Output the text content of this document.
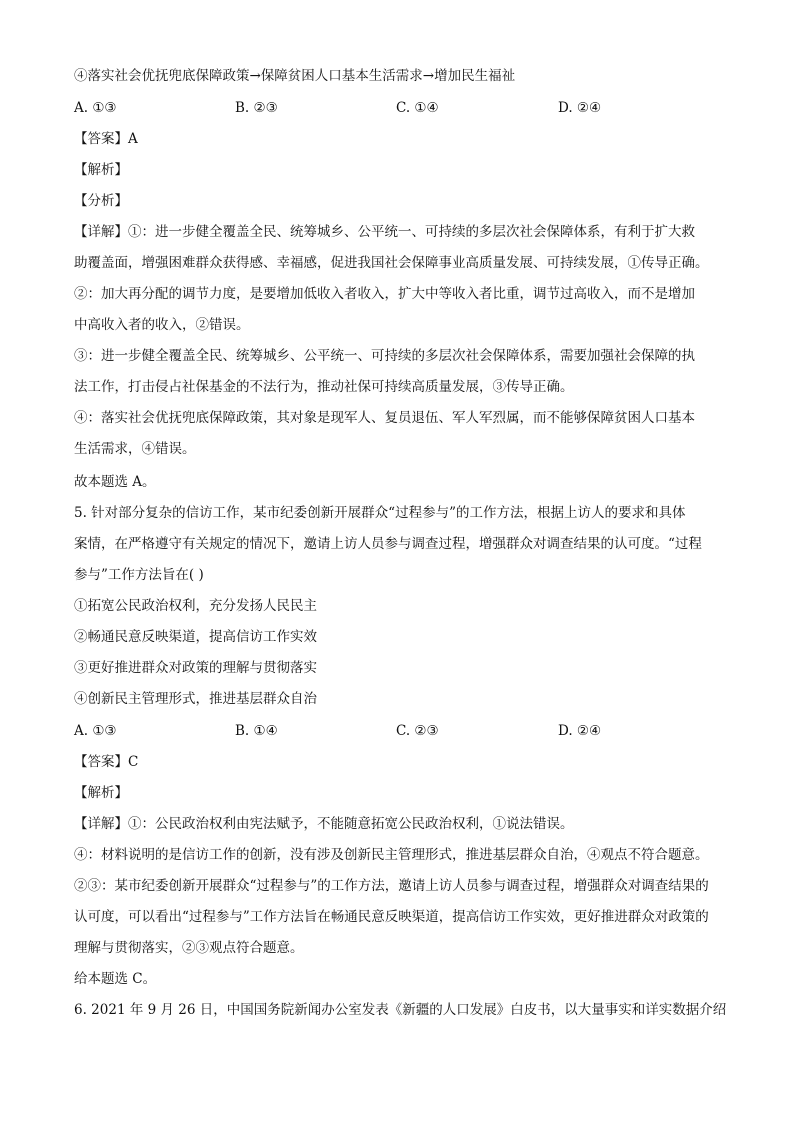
④落实社会优抚兜底保障政策→保障贫困人口基本生活需求→增加民生福祉
A. ①③	B. ②③	C. ①④	D. ②④
【答案】A
【解析】
【分析】
【详解】①：进一步健全覆盖全民、统筹城乡、公平统一、可持续的多层次社会保障体系，有利于扩大救
助覆盖面，增强困难群众获得感、幸福感，促进我国社会保障事业高质量发展、可持续发展，①传导正确。
②：加大再分配的调节力度，是要增加低收入者收入，扩大中等收入者比重，调节过高收入，而不是增加
中高收入者的收入，②错误。
③：进一步健全覆盖全民、统筹城乡、公平统一、可持续的多层次社会保障体系，需要加强社会保障的执
法工作，打击侵占社保基金的不法行为，推动社保可持续高质量发展，③传导正确。
④：落实社会优抚兜底保障政策，其对象是现军人、复员退伍、军人军烈属，而不能够保障贫困人口基本
生活需求，④错误。
故本题选 A。
5. 针对部分复杂的信访工作，某市纪委创新开展群众“过程参与”的工作方法，根据上访人的要求和具体
案情，在严格遵守有关规定的情况下，邀请上访人员参与调查过程，增强群众对调查结果的认可度。“过程
参与”工作方法旨在( )
①拓宽公民政治权利，充分发扬人民民主
②畅通民意反映渠道，提高信访工作实效
③更好推进群众对政策的理解与贯彻落实
④创新民主管理形式，推进基层群众自治
A. ①③	B. ①④	C. ②③	D. ②④
【答案】C
【解析】
【详解】①：公民政治权利由宪法赋予，不能随意拓宽公民政治权利，①说法错误。
④：材料说明的是信访工作的创新，没有涉及创新民主管理形式，推进基层群众自治，④观点不符合题意。
②③：某市纪委创新开展群众“过程参与”的工作方法，邀请上访人员参与调查过程，增强群众对调查结果的
认可度，可以看出“过程参与”工作方法旨在畅通民意反映渠道，提高信访工作实效，更好推进群众对政策的
理解与贯彻落实，②③观点符合题意。
给本题选 C。
6. 2021 年 9 月 26 日，中国国务院新闻办公室发表《新疆的人口发展》白皮书，以大量事实和详实数据介绍
